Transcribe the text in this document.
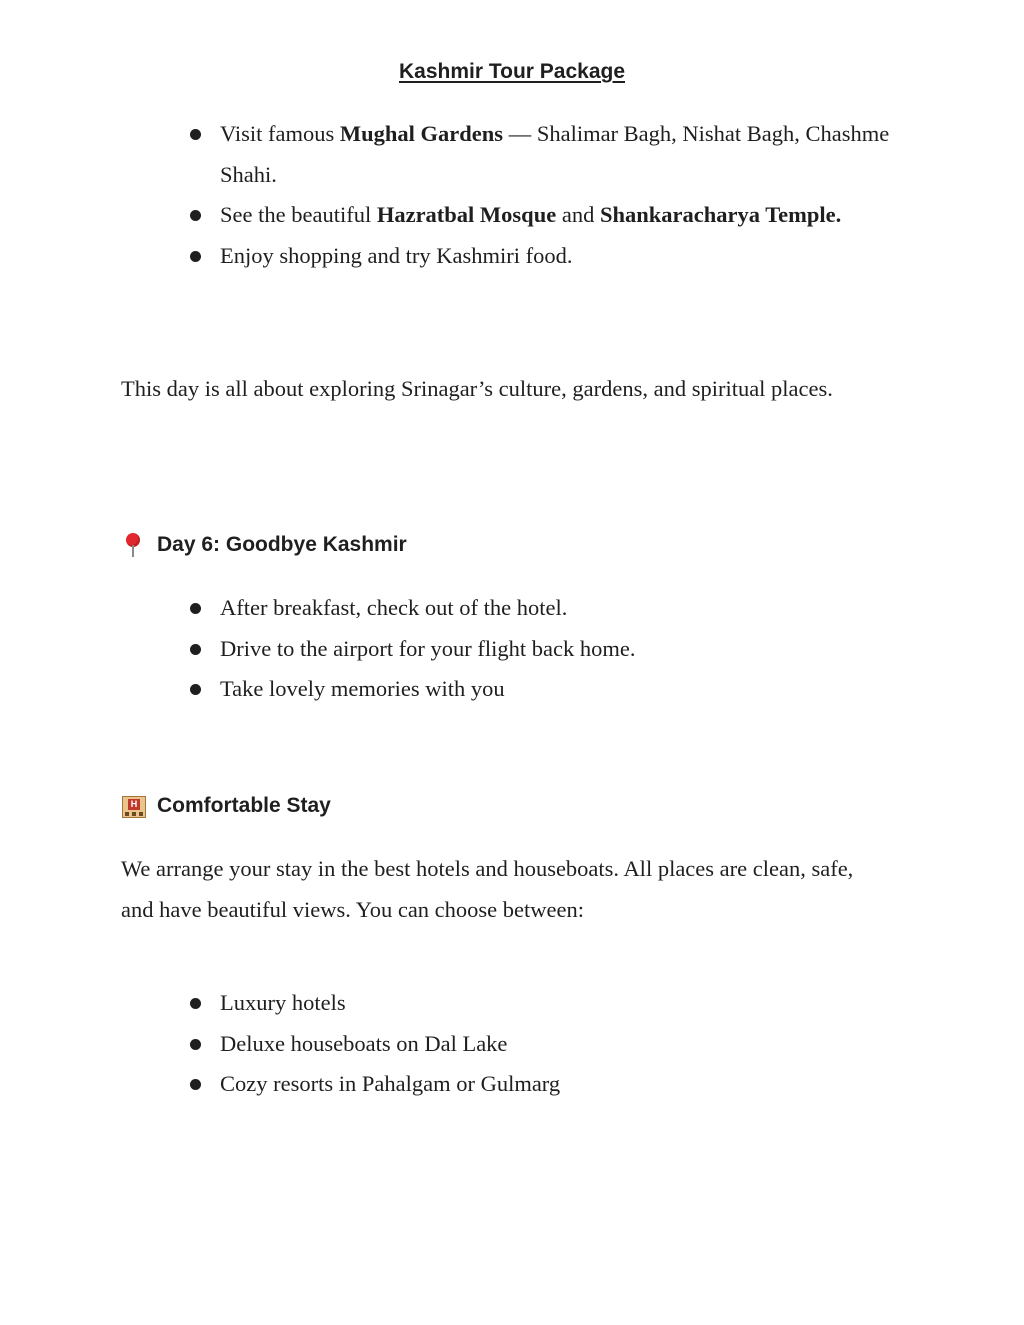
Kashmir Tour Package
Visit famous Mughal Gardens — Shalimar Bagh, Nishat Bagh, Chashme Shahi.
See the beautiful Hazratbal Mosque and Shankaracharya Temple.
Enjoy shopping and try Kashmiri food.

This day is all about exploring Srinagar’s culture, gardens, and spiritual places.

Day 6: Goodbye Kashmir
After breakfast, check out of the hotel.
Drive to the airport for your flight back home.
Take lovely memories with you
H Comfortable Stay

We arrange your stay in the best hotels and houseboats. All places are clean, safe, and have beautiful views. You can choose between:

Luxury hotels
Deluxe houseboats on Dal Lake
Cozy resorts in Pahalgam or Gulmarg
